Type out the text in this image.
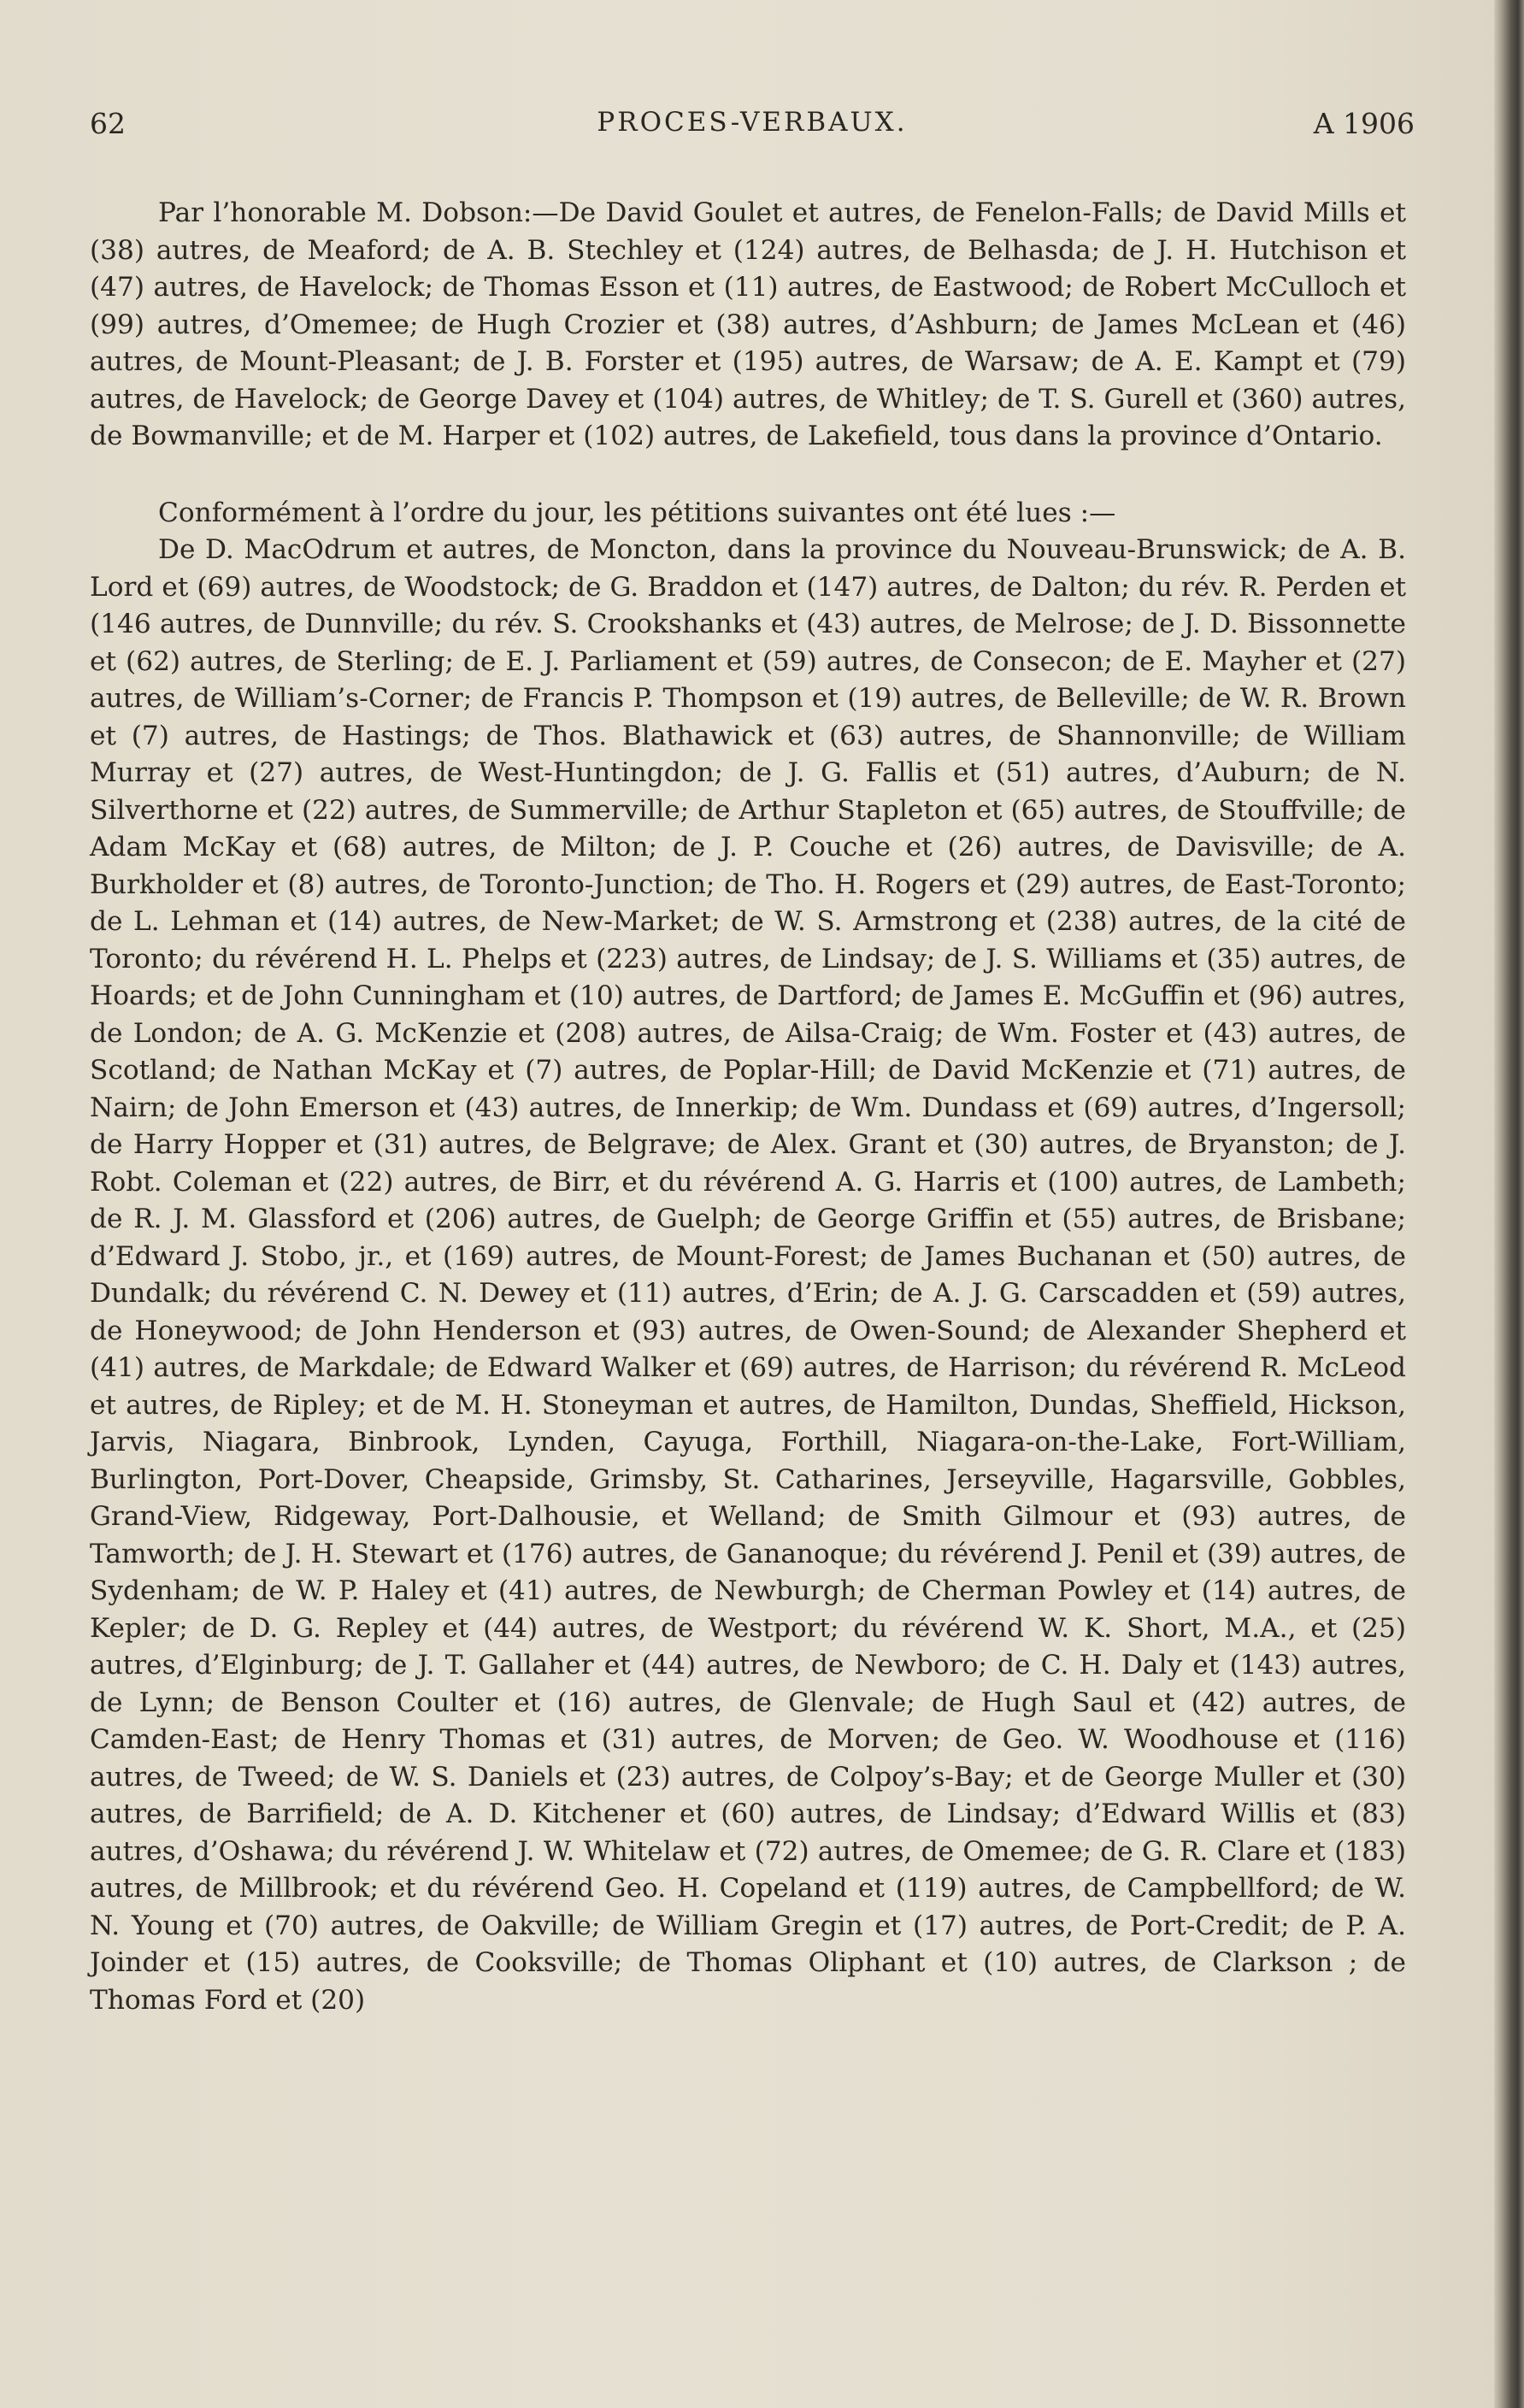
62	PROCES-VERBAUX.	A 1906

Par l’honorable M. Dobson:—De David Goulet et autres, de Fenelon-Falls; de David Mills et (38) autres, de Meaford; de A. B. Stechley et (124) autres, de Belhasda; de J. H. Hutchison et (47) autres, de Havelock; de Thomas Esson et (11) autres, de Eastwood; de Robert McCulloch et (99) autres, d’Omemee; de Hugh Crozier et (38) autres, d’Ashburn; de James McLean et (46) autres, de Mount-Pleasant; de J. B. Forster et (195) autres, de Warsaw; de A. E. Kampt et (79) autres, de Havelock; de George Davey et (104) autres, de Whitley; de T. S. Gurell et (360) autres, de Bowmanville; et de M. Harper et (102) autres, de Lakefield, tous dans la province d’Ontario.

Conformément à l’ordre du jour, les pétitions suivantes ont été lues :—

De D. MacOdrum et autres, de Moncton, dans la province du Nouveau-Brunswick; de A. B. Lord et (69) autres, de Woodstock; de G. Braddon et (147) autres, de Dalton; du rév. R. Perden et (146 autres, de Dunnville; du rév. S. Crookshanks et (43) autres, de Melrose; de J. D. Bissonnette et (62) autres, de Sterling; de E. J. Parliament et (59) autres, de Consecon; de E. Mayher et (27) autres, de William’s-Corner; de Francis P. Thompson et (19) autres, de Belleville; de W. R. Brown et (7) autres, de Hastings; de Thos. Blathawick et (63) autres, de Shannonville; de William Murray et (27) autres, de West-Huntingdon; de J. G. Fallis et (51) autres, d’Auburn; de N. Silverthorne et (22) autres, de Summerville; de Arthur Stapleton et (65) autres, de Stouffville; de Adam McKay et (68) autres, de Milton; de J. P. Couche et (26) autres, de Davisville; de A. Burkholder et (8) autres, de Toronto-Junction; de Tho. H. Rogers et (29) autres, de East-Toronto; de L. Lehman et (14) autres, de New-Market; de W. S. Armstrong et (238) autres, de la cité de Toronto; du révérend H. L. Phelps et (223) autres, de Lindsay; de J. S. Williams et (35) autres, de Hoards; et de John Cunningham et (10) autres, de Dartford; de James E. McGuffin et (96) autres, de London; de A. G. McKenzie et (208) autres, de Ailsa-Craig; de Wm. Foster et (43) autres, de Scotland; de Nathan McKay et (7) autres, de Poplar-Hill; de David McKenzie et (71) autres, de Nairn; de John Emerson et (43) autres, de Innerkip; de Wm. Dundass et (69) autres, d’Ingersoll; de Harry Hopper et (31) autres, de Belgrave; de Alex. Grant et (30) autres, de Bryanston; de J. Robt. Coleman et (22) autres, de Birr, et du révérend A. G. Harris et (100) autres, de Lambeth; de R. J. M. Glassford et (206) autres, de Guelph; de George Griffin et (55) autres, de Brisbane; d’Edward J. Stobo, jr., et (169) autres, de Mount-Forest; de James Buchanan et (50) autres, de Dundalk; du révérend C. N. Dewey et (11) autres, d’Erin; de A. J. G. Carscadden et (59) autres, de Honeywood; de John Henderson et (93) autres, de Owen-Sound; de Alexander Shepherd et (41) autres, de Markdale; de Edward Walker et (69) autres, de Harrison; du révérend R. McLeod et autres, de Ripley; et de M. H. Stoneyman et autres, de Hamilton, Dundas, Sheffield, Hickson, Jarvis, Niagara, Binbrook, Lynden, Cayuga, Forthill, Niagara-on-the-Lake, Fort-William, Burlington, Port-Dover, Cheapside, Grimsby, St. Catharines, Jerseyville, Hagarsville, Gobbles, Grand-View, Ridgeway, Port-Dalhousie, et Welland; de Smith Gilmour et (93) autres, de Tamworth; de J. H. Stewart et (176) autres, de Gananoque; du révérend J. Penil et (39) autres, de Sydenham; de W. P. Haley et (41) autres, de Newburgh; de Cherman Powley et (14) autres, de Kepler; de D. G. Repley et (44) autres, de Westport; du révérend W. K. Short, M.A., et (25) autres, d’Elginburg; de J. T. Gallaher et (44) autres, de Newboro; de C. H. Daly et (143) autres, de Lynn; de Benson Coulter et (16) autres, de Glenvale; de Hugh Saul et (42) autres, de Camden-East; de Henry Thomas et (31) autres, de Morven; de Geo. W. Woodhouse et (116) autres, de Tweed; de W. S. Daniels et (23) autres, de Colpoy’s-Bay; et de George Muller et (30) autres, de Barrifield; de A. D. Kitchener et (60) autres, de Lindsay; d’Edward Willis et (83) autres, d’Oshawa; du révérend J. W. Whitelaw et (72) autres, de Omemee; de G. R. Clare et (183) autres, de Millbrook; et du révérend Geo. H. Copeland et (119) autres, de Campbellford; de W. N. Young et (70) autres, de Oakville; de William Gregin et (17) autres, de Port-Credit; de P. A. Joinder et (15) autres, de Cooksville; de Thomas Oliphant et (10) autres, de Clarkson ; de Thomas Ford et (20)
